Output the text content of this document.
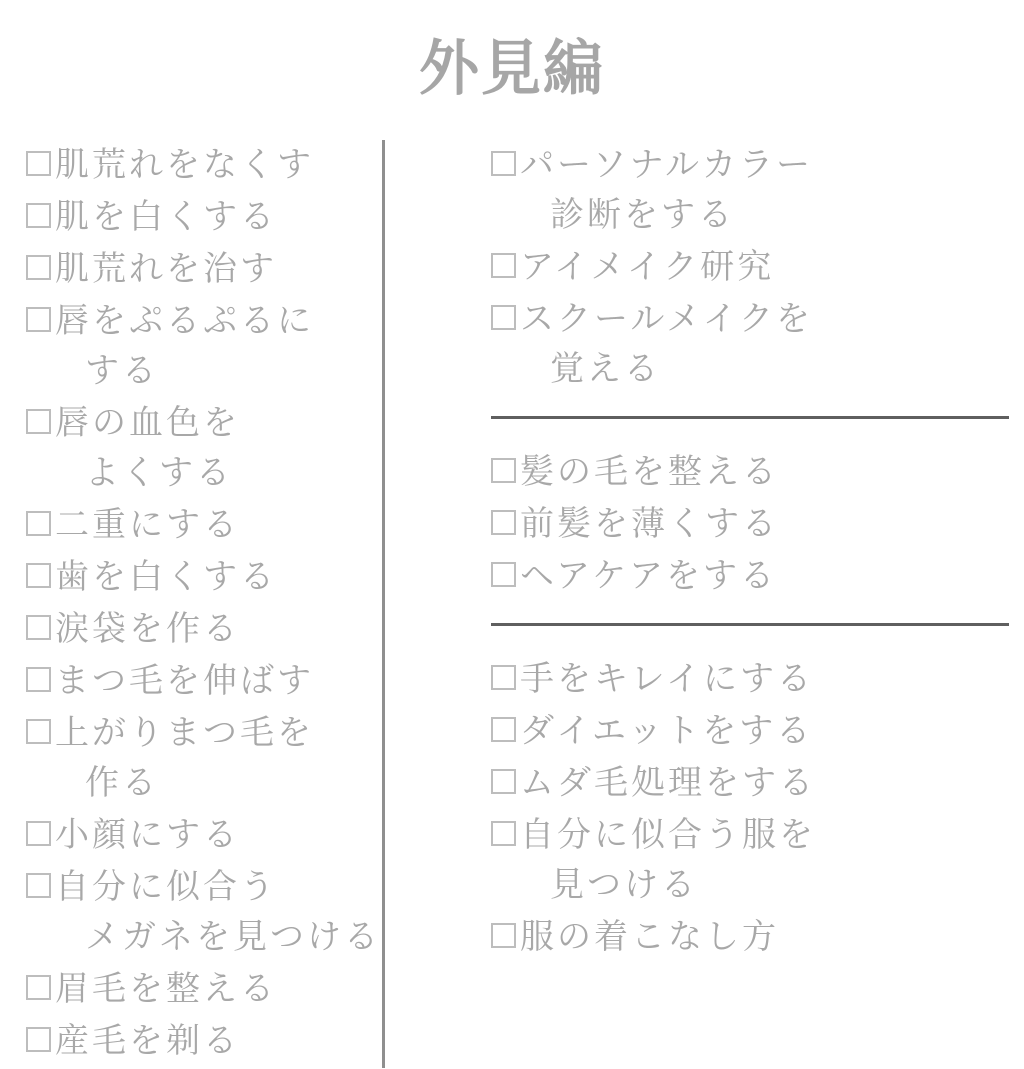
外見編
肌荒れをなくす
肌を白くする
肌荒れを治す
唇をぷるぷるに
する
唇の血色を
よくする
二重にする
歯を白くする
涙袋を作る
まつ毛を伸ばす
上がりまつ毛を
作る
小顔にする
自分に似合う
メガネを見つける
眉毛を整える
産毛を剃る
パーソナルカラー
診断をする
アイメイク研究
スクールメイクを
覚える
髪の毛を整える
前髪を薄くする
ヘアケアをする
手をキレイにする
ダイエットをする
ムダ毛処理をする
自分に似合う服を
見つける
服の着こなし方
